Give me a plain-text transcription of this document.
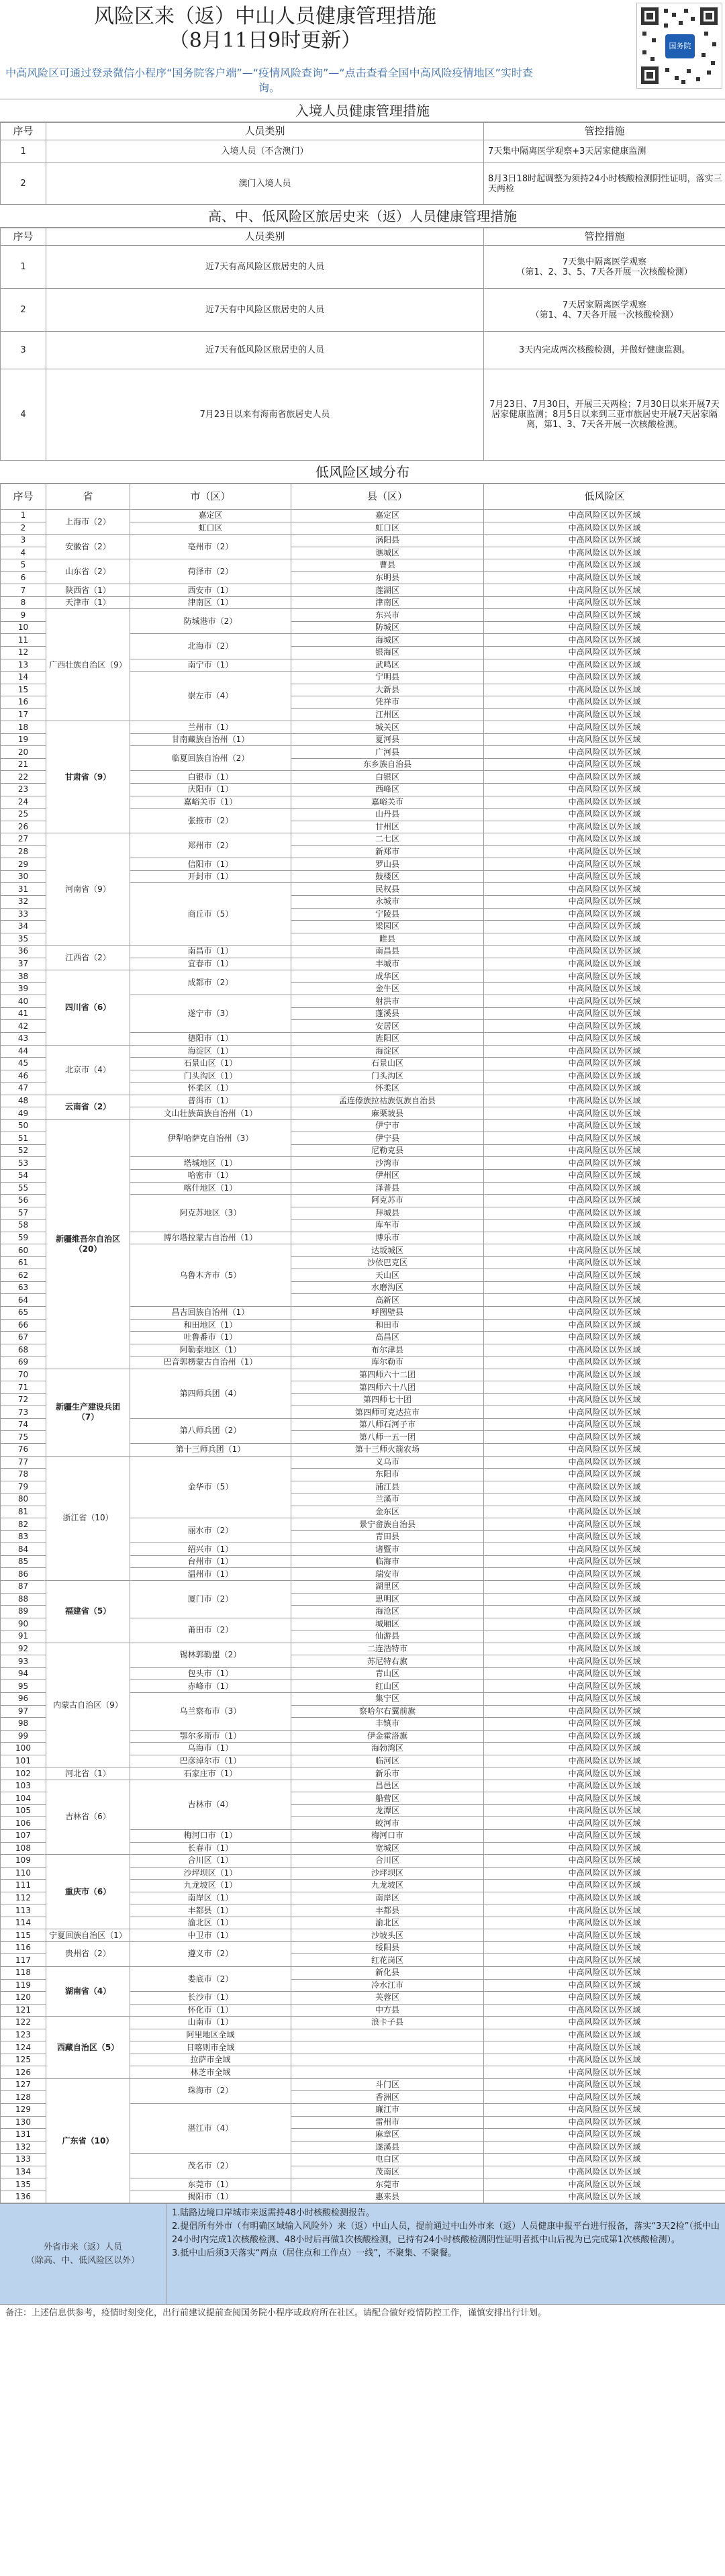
风险区来（返）中山人员健康管理措施
（8月11日9时更新）
中高风险区可通过登录微信小程序“国务院客户端”—“疫情风险查询”—“点击查看全国中高风险疫情地区”实时查询。
国务院
入境人员健康管理措施
序号	人员类别	管控措施
1	入境人员（不含澳门）	7天集中隔离医学观察+3天居家健康监测
2	澳门入境人员	8月3日18时起调整为须持24小时核酸检测阴性证明，落实三天两检
高、中、低风险区旅居史来（返）人员健康管理措施
序号	人员类别	管控措施
1	近7天有高风险区旅居史的人员	7天集中隔离医学观察
（第1、2、3、5、7天各开展一次核酸检测）
2	近7天有中风险区旅居史的人员	7天居家隔离医学观察
（第1、4、7天各开展一次核酸检测）
3	近7天有低风险区旅居史的人员	3天内完成两次核酸检测，并做好健康监测。
4	7月23日以来有海南省旅居史人员	7月23日、7月30日，开展三天两检；7月30日以来开展7天居家健康监测；8月5日以来到三亚市旅居史开展7天居家隔离，第1、3、7天各开展一次核酸检测。
低风险区域分布
序号	省	市（区）	县（区）	低风险区
1	上海市（2）	嘉定区	嘉定区	中高风险区以外区域
2		虹口区	虹口区	中高风险区以外区域
3	安徽省（2）	亳州市（2）	涡阳县	中高风险区以外区域
4			谯城区	中高风险区以外区域
5	山东省（2）	荷泽市（2）	曹县	中高风险区以外区域
6			东明县	中高风险区以外区域
7	陕西省（1）	西安市（1）	莲湖区	中高风险区以外区域
8	天津市（1）	津南区（1）	津南区	中高风险区以外区域
9	广西壮族自治区（9）	防城港市（2）	东兴市	中高风险区以外区域
10			防城区	中高风险区以外区域
11		北海市（2）	海城区	中高风险区以外区域
12			银海区	中高风险区以外区域
13		南宁市（1）	武鸣区	中高风险区以外区域
14		崇左市（4）	宁明县	中高风险区以外区域
15			大新县	中高风险区以外区域
16			凭祥市	中高风险区以外区域
17			江州区	中高风险区以外区域
18	甘肃省（9）	兰州市（1）	城关区	中高风险区以外区域
19		甘南藏族自治州（1）	夏河县	中高风险区以外区域
20		临夏回族自治州（2）	广河县	中高风险区以外区域
21			东乡族自治县	中高风险区以外区域
22		白银市（1）	白银区	中高风险区以外区域
23		庆阳市（1）	西峰区	中高风险区以外区域
24		嘉峪关市（1）	嘉峪关市	中高风险区以外区域
25		张掖市（2）	山丹县	中高风险区以外区域
26			甘州区	中高风险区以外区域
27	河南省（9）	郑州市（2）	二七区	中高风险区以外区域
28			新郑市	中高风险区以外区域
29		信阳市（1）	罗山县	中高风险区以外区域
30		开封市（1）	鼓楼区	中高风险区以外区域
31		商丘市（5）	民权县	中高风险区以外区域
32			永城市	中高风险区以外区域
33			宁陵县	中高风险区以外区域
34			梁园区	中高风险区以外区域
35			睢县	中高风险区以外区域
36	江西省（2）	南昌市（1）	南昌县	中高风险区以外区域
37		宜春市（1）	丰城市	中高风险区以外区域
38	四川省（6）	成都市（2）	成华区	中高风险区以外区域
39			金牛区	中高风险区以外区域
40		遂宁市（3）	射洪市	中高风险区以外区域
41			蓬溪县	中高风险区以外区域
42			安居区	中高风险区以外区域
43		德阳市（1）	旌阳区	中高风险区以外区域
44	北京市（4）	海淀区（1）	海淀区	中高风险区以外区域
45		石景山区（1）	石景山区	中高风险区以外区域
46		门头沟区（1）	门头沟区	中高风险区以外区域
47		怀柔区（1）	怀柔区	中高风险区以外区域
48	云南省（2）	普洱市（1）	孟连傣族拉祜族佤族自治县	中高风险区以外区域
49		文山壮族苗族自治州（1）	麻栗坡县	中高风险区以外区域
50	新疆维吾尔自治区（20）	伊犁哈萨克自治州（3）	伊宁市	中高风险区以外区域
51			伊宁县	中高风险区以外区域
52			尼勒克县	中高风险区以外区域
53		塔城地区（1）	沙湾市	中高风险区以外区域
54		哈密市（1）	伊州区	中高风险区以外区域
55		喀什地区（1）	泽普县	中高风险区以外区域
56		阿克苏地区（3）	阿克苏市	中高风险区以外区域
57			拜城县	中高风险区以外区域
58			库车市	中高风险区以外区域
59		博尔塔拉蒙古自治州（1）	博乐市	中高风险区以外区域
60		乌鲁木齐市（5）	达坂城区	中高风险区以外区域
61			沙依巴克区	中高风险区以外区域
62			天山区	中高风险区以外区域
63			水磨沟区	中高风险区以外区域
64			高新区	中高风险区以外区域
65		昌吉回族自治州（1）	呼图壁县	中高风险区以外区域
66		和田地区（1）	和田市	中高风险区以外区域
67		吐鲁番市（1）	高昌区	中高风险区以外区域
68		阿勒泰地区（1）	布尔津县	中高风险区以外区域
69		巴音郭楞蒙古自治州（1）	库尔勒市	中高风险区以外区域
70	新疆生产建设兵团（7）	第四师兵团（4）	第四师六十二团	中高风险区以外区域
71			第四师六十八团	中高风险区以外区域
72			第四师七十团	中高风险区以外区域
73			第四师可克达拉市	中高风险区以外区域
74		第八师兵团（2）	第八师石河子市	中高风险区以外区域
75			第八师一五一团	中高风险区以外区域
76		第十三师兵团（1）	第十三师火箭农场	中高风险区以外区域
77	浙江省（10）	金华市（5）	义乌市	中高风险区以外区域
78			东阳市	中高风险区以外区域
79			浦江县	中高风险区以外区域
80			兰溪市	中高风险区以外区域
81			金东区	中高风险区以外区域
82		丽水市（2）	景宁畲族自治县	中高风险区以外区域
83			青田县	中高风险区以外区域
84		绍兴市（1）	诸暨市	中高风险区以外区域
85		台州市（1）	临海市	中高风险区以外区域
86		温州市（1）	瑞安市	中高风险区以外区域
87	福建省（5）	厦门市（2）	湖里区	中高风险区以外区域
88			思明区	中高风险区以外区域
89			海沧区	中高风险区以外区域
90		莆田市（2）	城厢区	中高风险区以外区域
91			仙游县	中高风险区以外区域
92	内蒙古自治区（9）	锡林郭勒盟（2）	二连浩特市	中高风险区以外区域
93			苏尼特右旗	中高风险区以外区域
94		包头市（1）	青山区	中高风险区以外区域
95		赤峰市（1）	红山区	中高风险区以外区域
96		乌兰察布市（3）	集宁区	中高风险区以外区域
97			察哈尔右翼前旗	中高风险区以外区域
98			丰镇市	中高风险区以外区域
99		鄂尔多斯市（1）	伊金霍洛旗	中高风险区以外区域
100		乌海市（1）	海勃湾区	中高风险区以外区域
101		巴彦淖尔市（1）	临河区	中高风险区以外区域
102	河北省（1）	石家庄市（1）	新乐市	中高风险区以外区域
103	吉林省（6）	吉林市（4）	昌邑区	中高风险区以外区域
104			船营区	中高风险区以外区域
105			龙潭区	中高风险区以外区域
106			蛟河市	中高风险区以外区域
107		梅河口市（1）	梅河口市	中高风险区以外区域
108		长春市（1）	宽城区	中高风险区以外区域
109	重庆市（6）	合川区（1）	合川区	中高风险区以外区域
110		沙坪坝区（1）	沙坪坝区	中高风险区以外区域
111		九龙坡区（1）	九龙坡区	中高风险区以外区域
112		南岸区（1）	南岸区	中高风险区以外区域
113		丰都县（1）	丰都县	中高风险区以外区域
114		渝北区（1）	渝北区	中高风险区以外区域
115	宁夏回族自治区（1）	中卫市（1）	沙坡头区	中高风险区以外区域
116	贵州省（2）	遵义市（2）	绥阳县	中高风险区以外区域
117			红花岗区	中高风险区以外区域
118	湖南省（4）	娄底市（2）	新化县	中高风险区以外区域
119			冷水江市	中高风险区以外区域
120		长沙市（1）	芙蓉区	中高风险区以外区域
121		怀化市（1）	中方县	中高风险区以外区域
122	西藏自治区（5）	山南市（1）	浪卡子县	中高风险区以外区域
123		阿里地区全域		中高风险区以外区域
124		日喀则市全域		中高风险区以外区域
125		拉萨市全域		中高风险区以外区域
126		林芝市全域		中高风险区以外区域
127	广东省（10）	珠海市（2）	斗门区	中高风险区以外区域
128			香洲区	中高风险区以外区域
129		湛江市（4）	廉江市	中高风险区以外区域
130			雷州市	中高风险区以外区域
131			麻章区	中高风险区以外区域
132			遂溪县	中高风险区以外区域
133		茂名市（2）	电白区	中高风险区以外区域
134			茂南区	中高风险区以外区域
135		东莞市（1）	东莞市	中高风险区以外区域
136		揭阳市（1）	惠来县	中高风险区以外区域
外省市来（返）人员
（除高、中、低风险区以外）

1.陆路边境口岸城市来返需持48小时核酸检测报告。

2.提倡所有外市（有明确区域输入风险外）来（返）中山人员，提前通过中山外市来（返）人员健康申报平台进行报备，落实“3天2检”（抵中山24小时内完成1次核酸检测、48小时后再做1次核酸检测，已持有24小时核酸检测阴性证明者抵中山后视为已完成第1次核酸检测）。

3.抵中山后须3天落实“两点（居住点和工作点）一线”，不聚集、不聚餐。

备注：上述信息供参考，疫情时刻变化，出行前建议提前查阅国务院小程序或政府所在社区。请配合做好疫情防控工作，谨慎安排出行计划。
